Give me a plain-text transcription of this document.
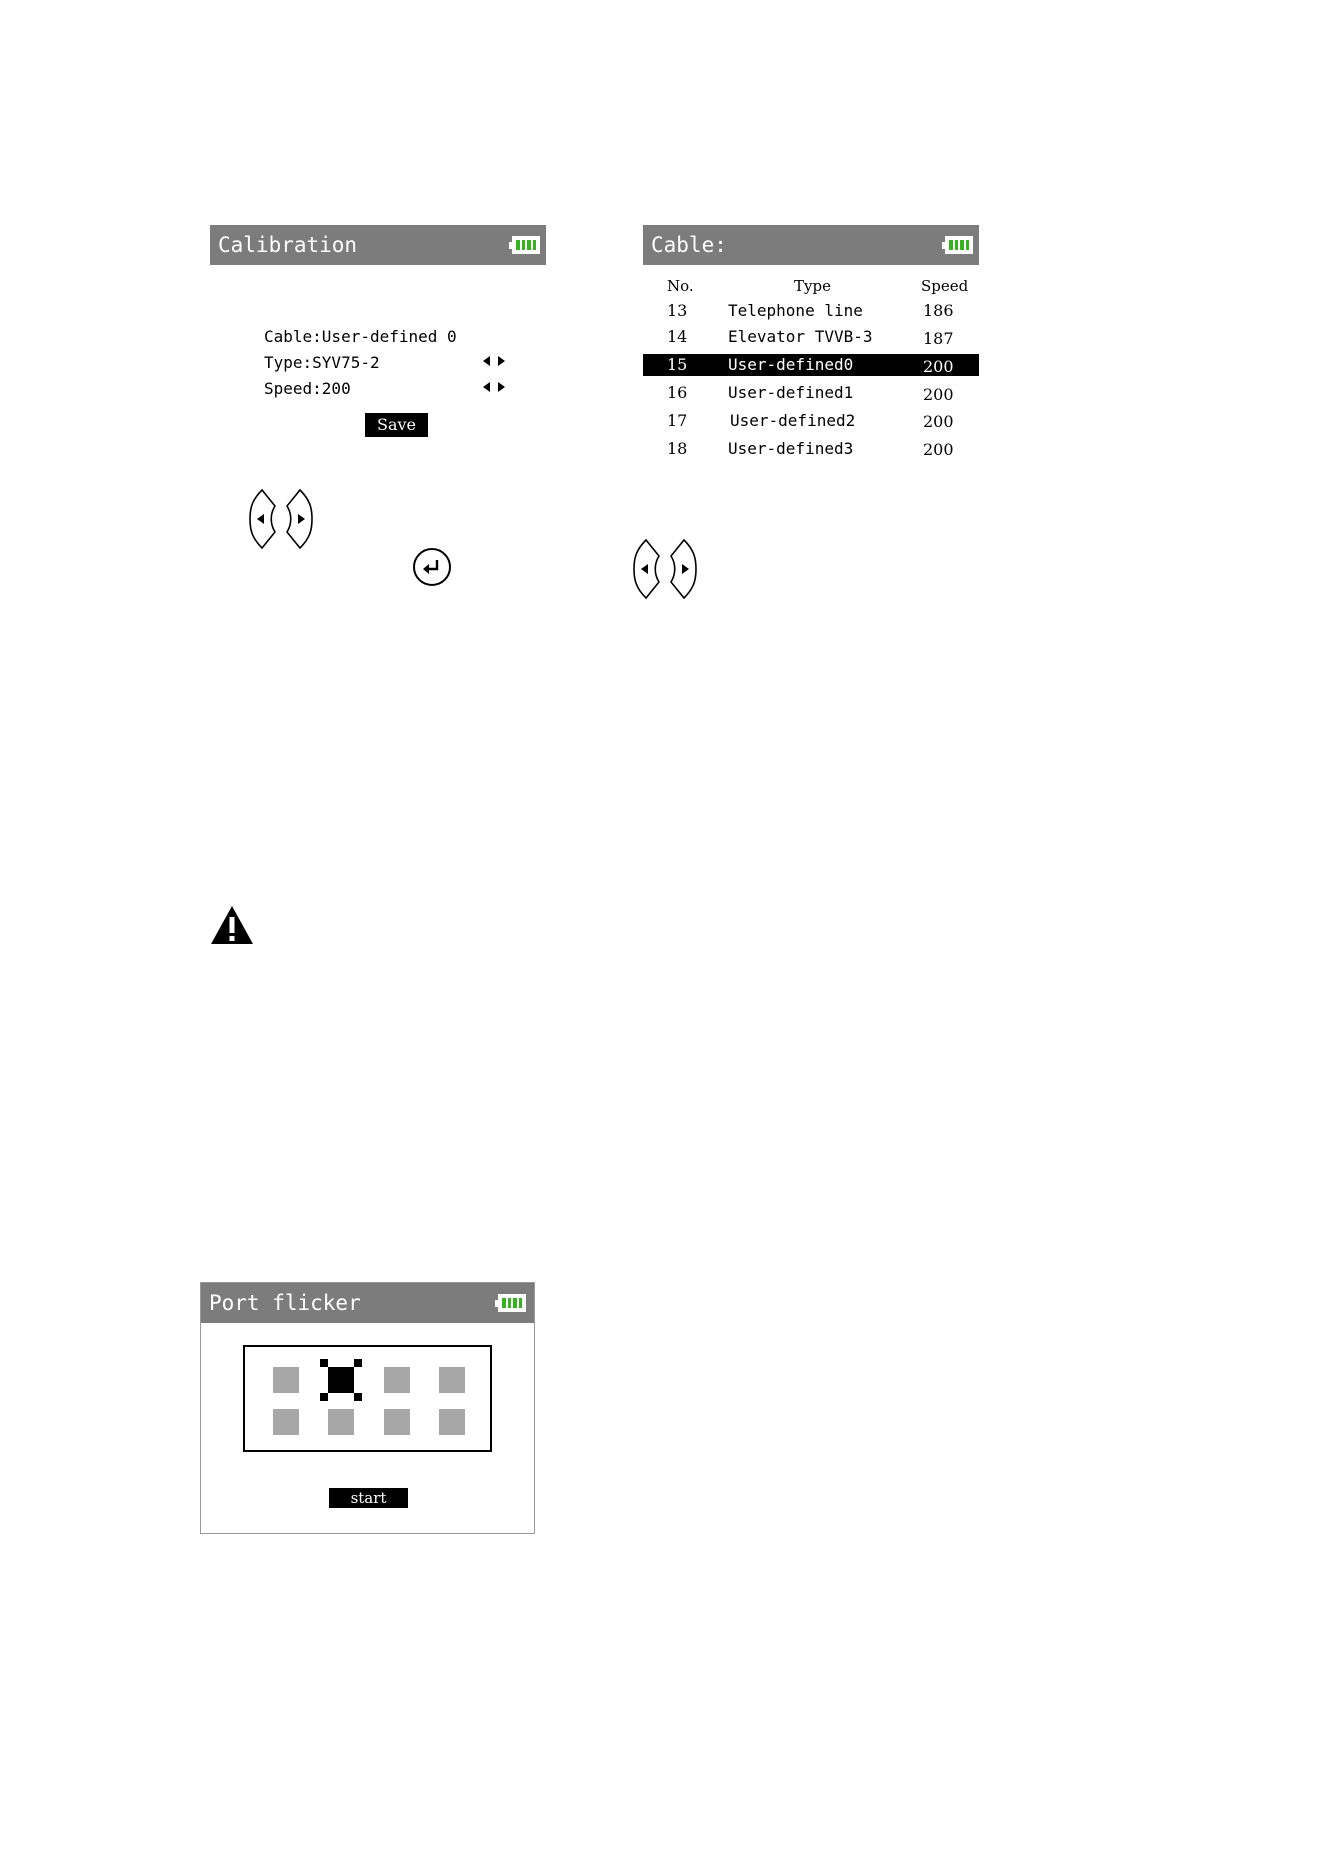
Calibration
Cable:User-defined 0
Type:SYV75-2
Speed:200
Save
Cable:
No.	Type	Speed
13	Telephone line	186
14	Elevator TVVB-3	187
15	User-defined0	200
16	User-defined1	200
17	User-defined2	200
18	User-defined3	200
Port flicker
start
